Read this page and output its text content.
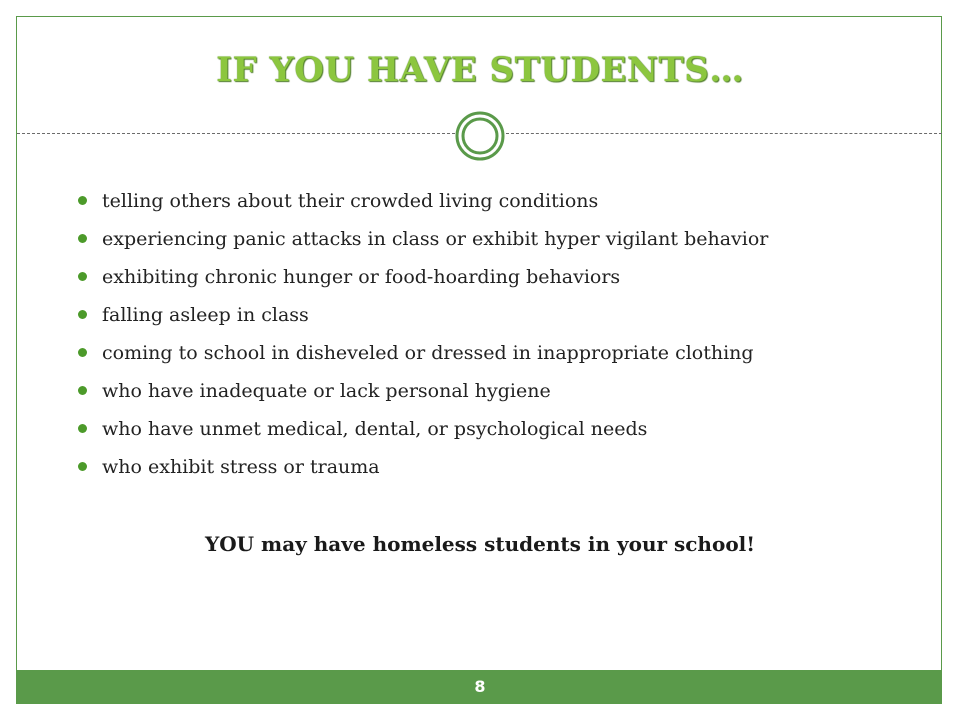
IF YOU HAVE STUDENTS…
telling others about their crowded living conditions
experiencing panic attacks in class or exhibit hyper vigilant behavior
exhibiting chronic hunger or food-hoarding behaviors
falling asleep in class
coming to school in disheveled or dressed in inappropriate clothing
who have inadequate or lack personal hygiene
who have unmet medical, dental, or psychological needs
who exhibit stress or trauma
YOU may have homeless students in your school!
8
